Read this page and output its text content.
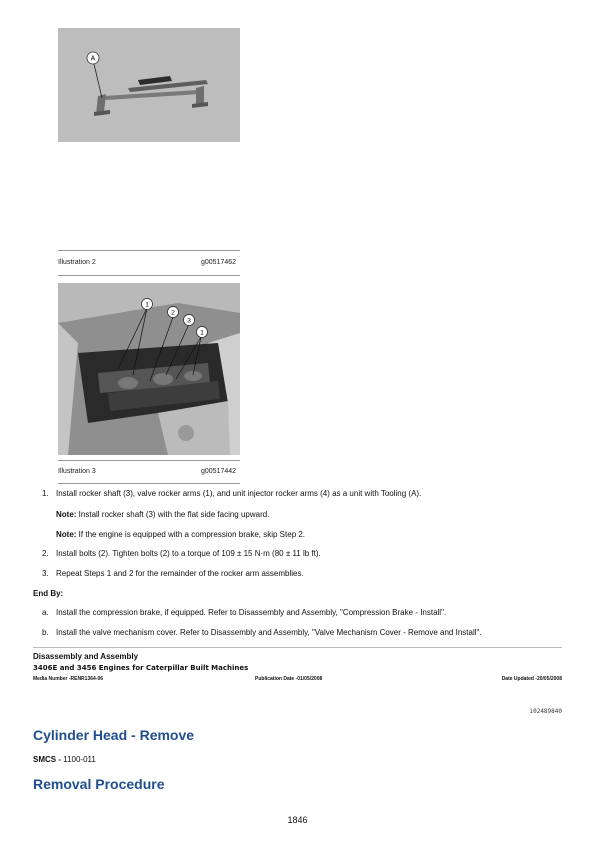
A
Illustration 2	g00517462
1
2
3
1
Illustration 3	g00517442
1. Install rocker shaft (3), valve rocker arms (1), and unit injector rocker arms (4) as a unit with Tooling (A).
Note: Install rocker shaft (3) with the flat side facing upward.
Note: If the engine is equipped with a compression brake, skip Step 2.
2. Install bolts (2). Tighten bolts (2) to a torque of 109 ± 15 N·m (80 ± 11 lb ft).
3. Repeat Steps 1 and 2 for the remainder of the rocker arm assemblies.
End By:
a. Install the compression brake, if equipped. Refer to Disassembly and Assembly, "Compression Brake - Install".
b. Install the valve mechanism cover. Refer to Disassembly and Assembly, "Valve Mechanism Cover - Remove and Install".
Disassembly and Assembly
3406E and 3456 Engines for Caterpillar Built Machines
Media Number -RENR1364-06	Publication Date -01/05/2008	Date Updated -20/05/2008
i02489840
Cylinder Head - Remove
SMCS - 1100-011
Removal Procedure
1846
